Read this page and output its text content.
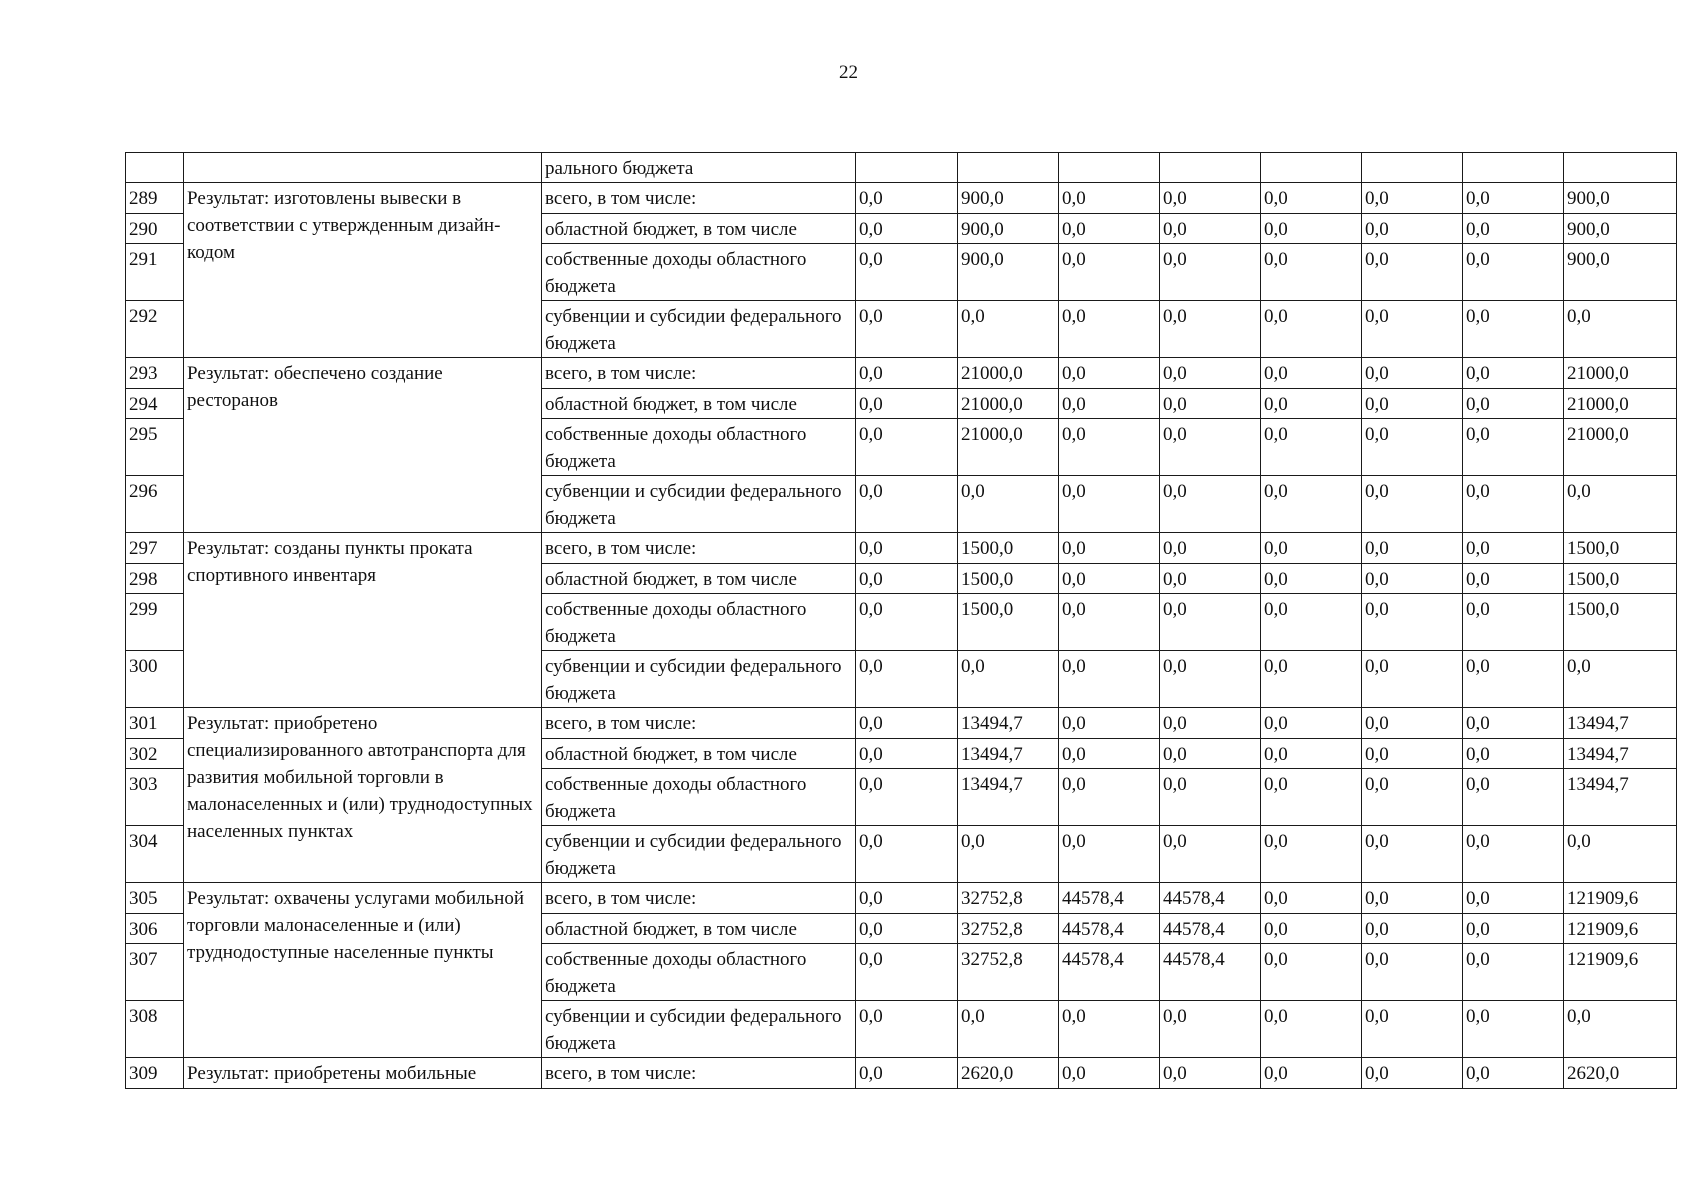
22
		рального бюджета								
289	Результат: изготовлены вывески в соответствии с утвержденным дизайн-кодом	всего, в том числе:	0,0	900,0	0,0	0,0	0,0	0,0	0,0	900,0
290		областной бюджет, в том числе	0,0	900,0	0,0	0,0	0,0	0,0	0,0	900,0
291		собственные доходы областного бюджета	0,0	900,0	0,0	0,0	0,0	0,0	0,0	900,0
292		субвенции и субсидии федерального бюджета	0,0	0,0	0,0	0,0	0,0	0,0	0,0	0,0
293	Результат: обеспечено создание ресторанов	всего, в том числе:	0,0	21000,0	0,0	0,0	0,0	0,0	0,0	21000,0
294		областной бюджет, в том числе	0,0	21000,0	0,0	0,0	0,0	0,0	0,0	21000,0
295		собственные доходы областного бюджета	0,0	21000,0	0,0	0,0	0,0	0,0	0,0	21000,0
296		субвенции и субсидии федерального бюджета	0,0	0,0	0,0	0,0	0,0	0,0	0,0	0,0
297	Результат: созданы пункты проката спортивного инвентаря	всего, в том числе:	0,0	1500,0	0,0	0,0	0,0	0,0	0,0	1500,0
298		областной бюджет, в том числе	0,0	1500,0	0,0	0,0	0,0	0,0	0,0	1500,0
299		собственные доходы областного бюджета	0,0	1500,0	0,0	0,0	0,0	0,0	0,0	1500,0
300		субвенции и субсидии федерального бюджета	0,0	0,0	0,0	0,0	0,0	0,0	0,0	0,0
301	Результат: приобретено специализированного автотранспорта для развития мобильной торговли в малонаселенных и (или) труднодоступных населенных пунктах	всего, в том числе:	0,0	13494,7	0,0	0,0	0,0	0,0	0,0	13494,7
302		областной бюджет, в том числе	0,0	13494,7	0,0	0,0	0,0	0,0	0,0	13494,7
303		собственные доходы областного бюджета	0,0	13494,7	0,0	0,0	0,0	0,0	0,0	13494,7
304		субвенции и субсидии федерального бюджета	0,0	0,0	0,0	0,0	0,0	0,0	0,0	0,0
305	Результат: охвачены услугами мобильной торговли малонаселенные и (или) труднодоступные населенные пункты	всего, в том числе:	0,0	32752,8	44578,4	44578,4	0,0	0,0	0,0	121909,6
306		областной бюджет, в том числе	0,0	32752,8	44578,4	44578,4	0,0	0,0	0,0	121909,6
307		собственные доходы областного бюджета	0,0	32752,8	44578,4	44578,4	0,0	0,0	0,0	121909,6
308		субвенции и субсидии федерального бюджета	0,0	0,0	0,0	0,0	0,0	0,0	0,0	0,0
309	Результат: приобретены мобильные	всего, в том числе:	0,0	2620,0	0,0	0,0	0,0	0,0	0,0	2620,0
